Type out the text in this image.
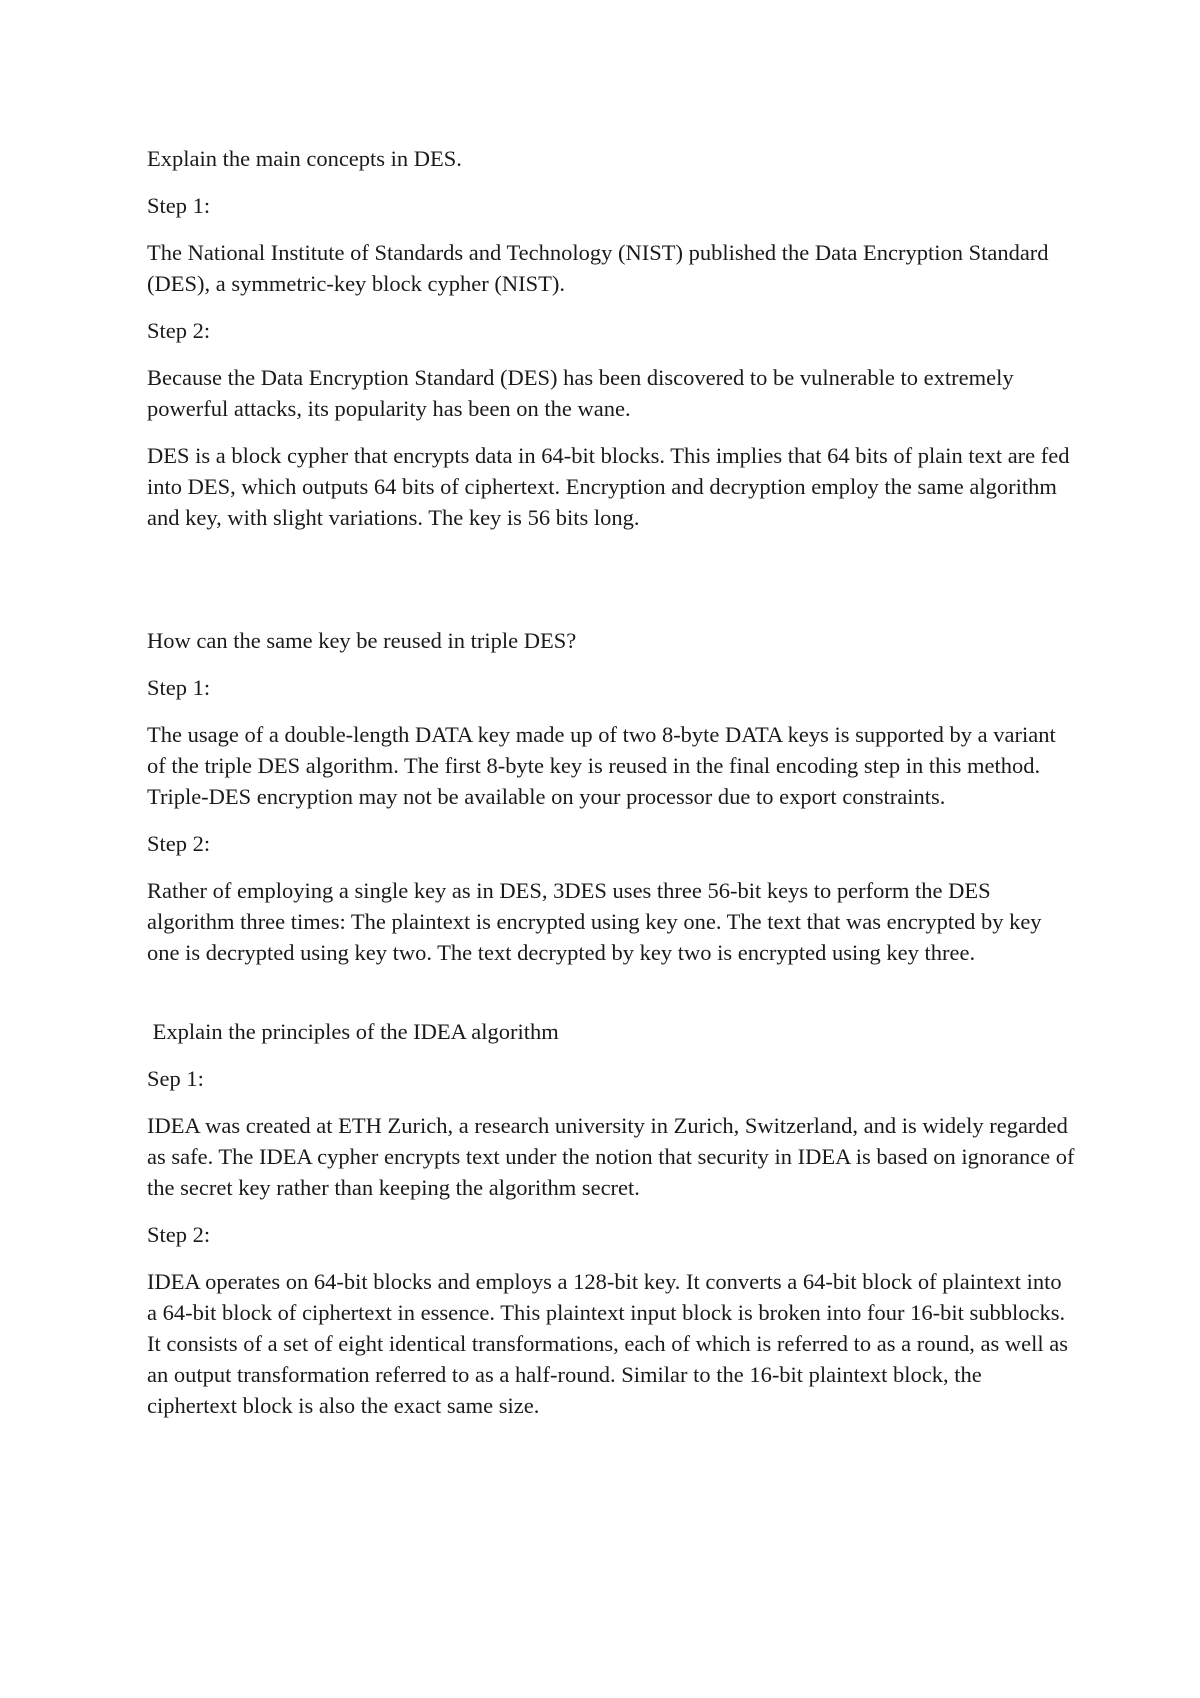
Explain the main concepts in DES.

Step 1:

The National Institute of Standards and Technology (NIST) published the Data Encryption Standard (DES), a symmetric-key block cypher (NIST).

Step 2:

Because the Data Encryption Standard (DES) has been discovered to be vulnerable to extremely powerful attacks, its popularity has been on the wane.

DES is a block cypher that encrypts data in 64-bit blocks. This implies that 64 bits of plain text are fed into DES, which outputs 64 bits of ciphertext. Encryption and decryption employ the same algorithm and key, with slight variations. The key is 56 bits long.

How can the same key be reused in triple DES?

Step 1:

The usage of a double-length DATA key made up of two 8-byte DATA keys is supported by a variant of the triple DES algorithm. The first 8-byte key is reused in the final encoding step in this method. Triple-DES encryption may not be available on your processor due to export constraints.

Step 2:

Rather of employing a single key as in DES, 3DES uses three 56-bit keys to perform the DES algorithm three times: The plaintext is encrypted using key one. The text that was encrypted by key one is decrypted using key two. The text decrypted by key two is encrypted using key three.

Explain the principles of the IDEA algorithm

Sep 1:

IDEA was created at ETH Zurich, a research university in Zurich, Switzerland, and is widely regarded as safe. The IDEA cypher encrypts text under the notion that security in IDEA is based on ignorance of the secret key rather than keeping the algorithm secret.

Step 2:

IDEA operates on 64-bit blocks and employs a 128-bit key. It converts a 64-bit block of plaintext into a 64-bit block of ciphertext in essence. This plaintext input block is broken into four 16-bit subblocks. It consists of a set of eight identical transformations, each of which is referred to as a round, as well as an output transformation referred to as a half-round. Similar to the 16-bit plaintext block, the ciphertext block is also the exact same size.
